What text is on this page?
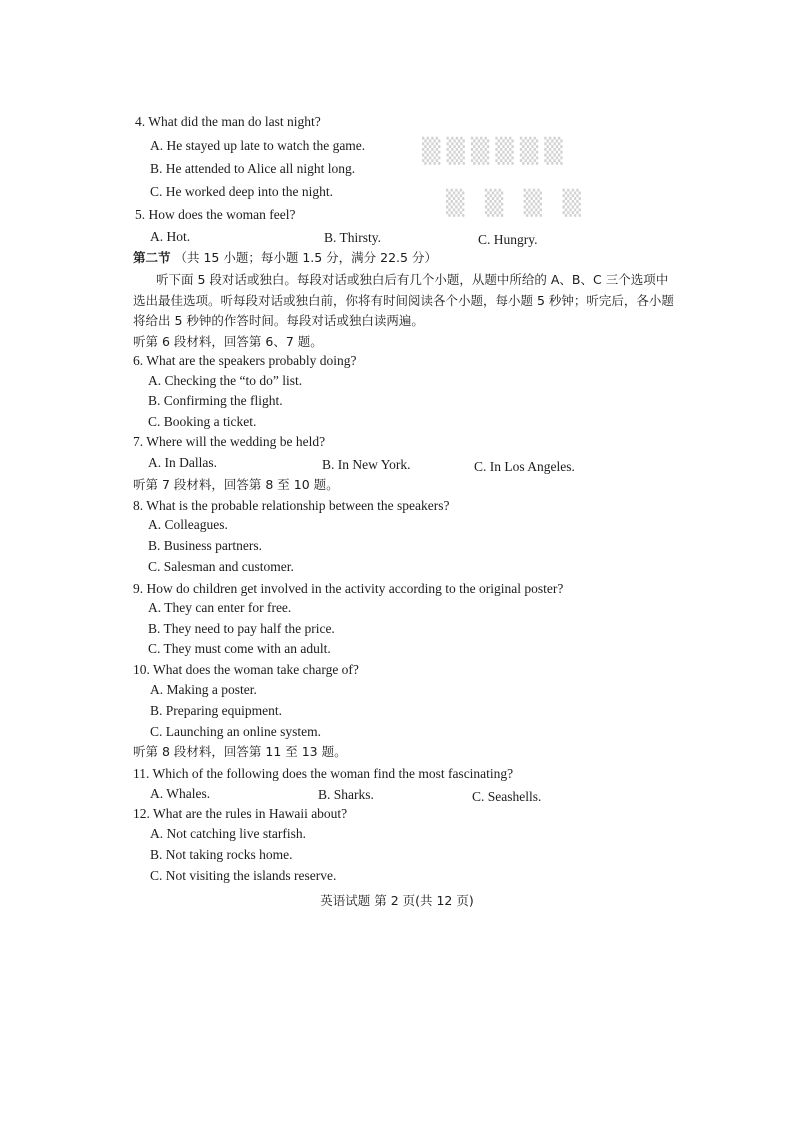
▒▒▒▒▒▒
▒ ▒ ▒ ▒
4. What did the man do last night?
A. He stayed up late to watch the game.
B. He attended to Alice all night long.
C. He worked deep into the night.
5. How does the woman feel?
A. Hot.	B. Thirsty.	C. Hungry.
第二节 （共 15 小题；每小题 1.5 分，满分 22.5 分）
听下面 5 段对话或独白。每段对话或独白后有几个小题，从题中所给的 A、B、C 三个选项中
选出最佳选项。听每段对话或独白前，你将有时间阅读各个小题，每小题 5 秒钟；听完后，各小题
将给出 5 秒钟的作答时间。每段对话或独白读两遍。
听第 6 段材料，回答第 6、7 题。
6. What are the speakers probably doing?
A. Checking the “to do” list.
B. Confirming the flight.
C. Booking a ticket.
7. Where will the wedding be held?
A. In Dallas.	B. In New York.	C. In Los Angeles.
听第 7 段材料，回答第 8 至 10 题。
8. What is the probable relationship between the speakers?
A. Colleagues.
B. Business partners.
C. Salesman and customer.
9. How do children get involved in the activity according to the original poster?
A. They can enter for free.
B. They need to pay half the price.
C. They must come with an adult.
10. What does the woman take charge of?
A. Making a poster.
B. Preparing equipment.
C. Launching an online system.
听第 8 段材料，回答第 11 至 13 题。
11. Which of the following does the woman find the most fascinating?
A. Whales.	B. Sharks.	C. Seashells.
12. What are the rules in Hawaii about?
A. Not catching live starfish.
B. Not taking rocks home.
C. Not visiting the islands reserve.
英语试题 第 2 页(共 12 页)
